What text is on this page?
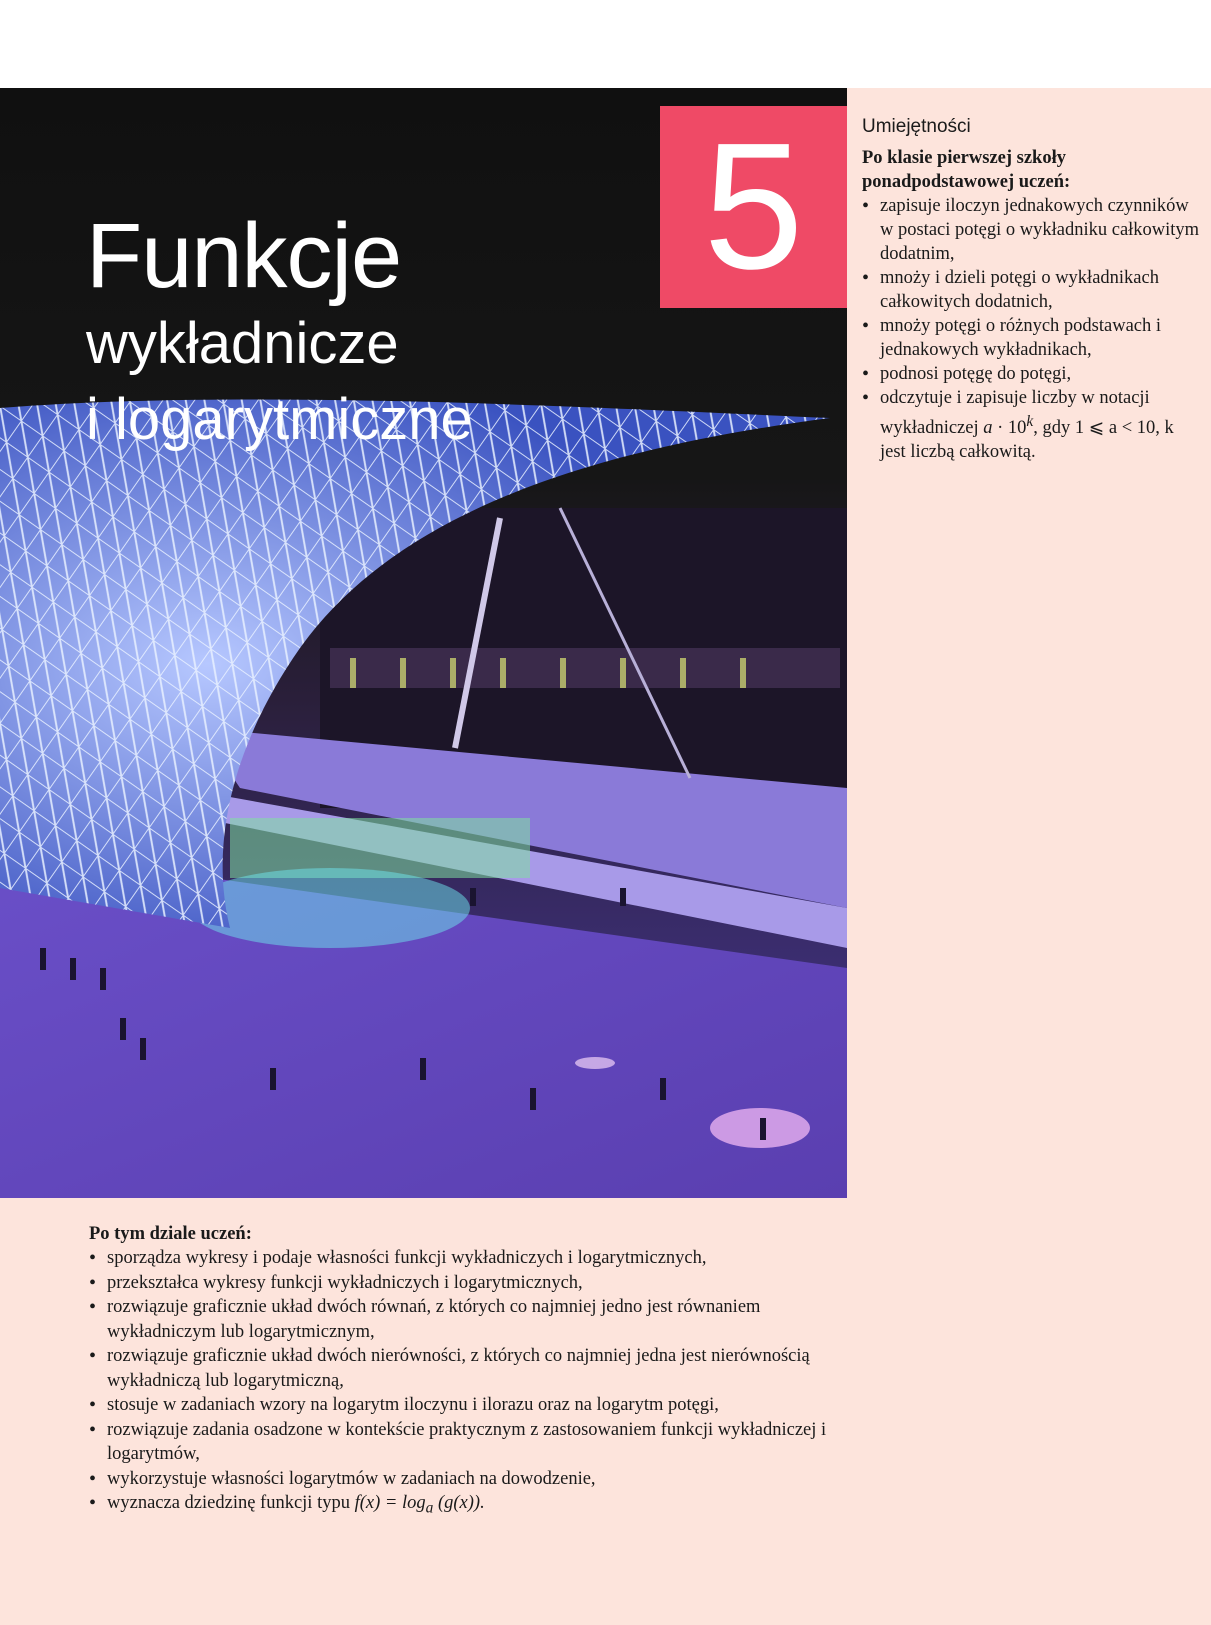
Funkcje
wykładnicze
i logarytmiczne
5	Umiejętności
Po klasie pierwszej szkoły ponadpodstawowej uczeń:
• zapisuje iloczyn jednakowych czynników w postaci potęgi o wykładniku całkowitym dodatnim,
• mnoży i dzieli potęgi o wykładnikach całkowitych dodatnich,
• mnoży potęgi o różnych podstawach i jednakowych wykładnikach,
• podnosi potęgę do potęgi,
• odczytuje i zapisuje liczby w notacji wykładniczej $a \cdot 10^k$, gdy 1 ⩽ a < 10, k jest liczbą całkowitą.
Po tym dziale uczeń:
• sporządza wykresy i podaje własności funkcji wykładniczych i logarytmicznych,
• przekształca wykresy funkcji wykładniczych i logarytmicznych,
• rozwiązuje graficznie układ dwóch równań, z których co najmniej jedno jest równaniem wykładniczym lub logarytmicznym,
• rozwiązuje graficznie układ dwóch nierówności, z których co najmniej jedna jest nierównością wykładniczą lub logarytmiczną,
• stosuje w zadaniach wzory na logarytm iloczynu i ilorazu oraz na logarytm potęgi,
• rozwiązuje zadania osadzone w kontekście praktycznym z zastosowaniem funkcji wykładniczej i logarytmów,
• wykorzystuje własności logarytmów w zadaniach na dowodzenie,
• wyznacza dziedzinę funkcji typu $f(x) = \log_a (g(x))$.
